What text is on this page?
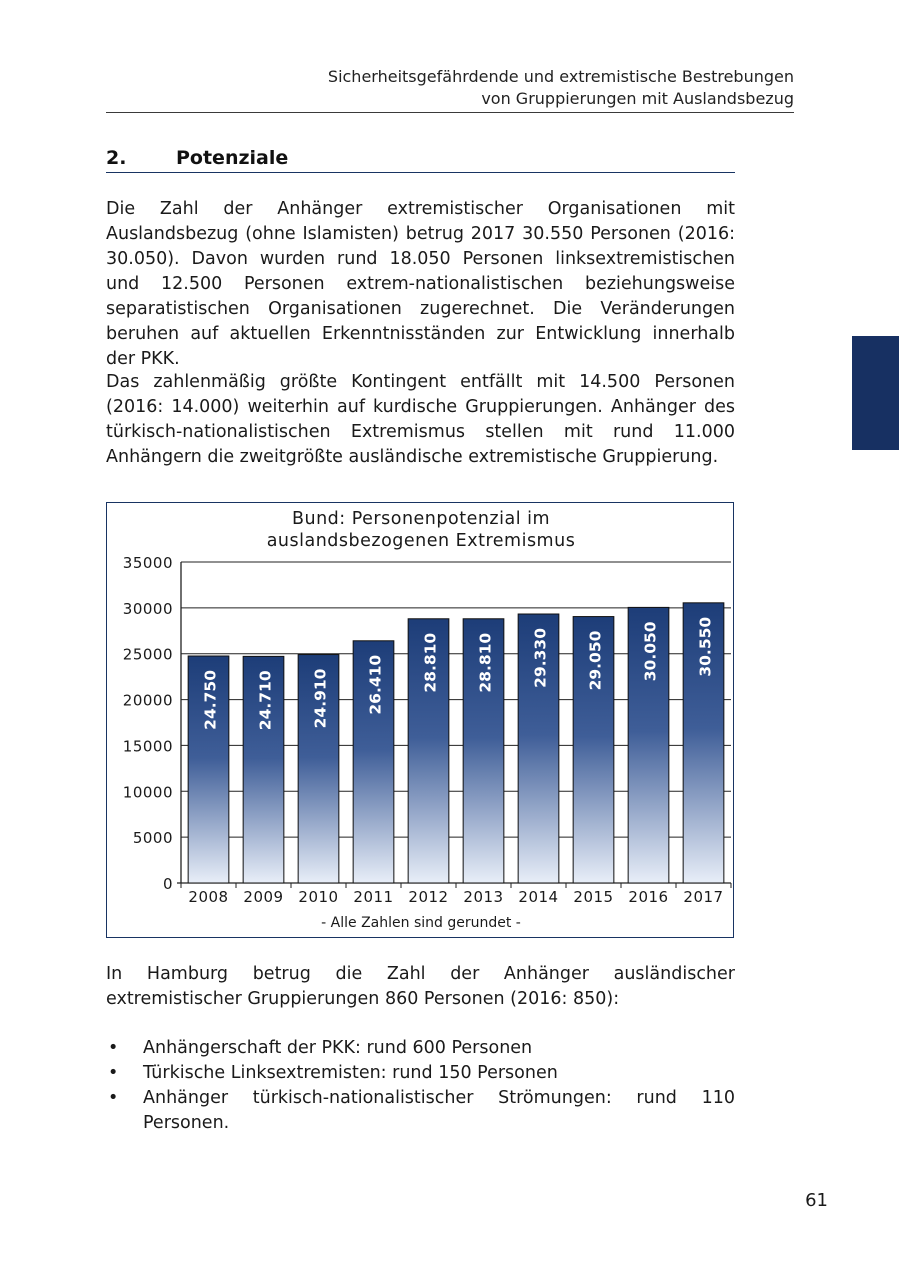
Sicherheitsgefährdende und extremistische Bestrebungen
von Gruppierungen mit Auslandsbezug
2.	Potenziale

Die Zahl der Anhänger extremistischer Organisationen mit Auslandsbezug (ohne Islamisten) betrug 2017 30.550 Personen (2016: 30.050). Davon wurden rund 18.050 Personen linksextremistischen und 12.500 Personen extrem-nationalistischen beziehungsweise separatistischen Organisationen zugerechnet. Die Veränderungen beruhen auf aktuellen Erkenntnisständen zur Entwicklung innerhalb der PKK.

Das zahlenmäßig größte Kontingent entfällt mit 14.500 Personen (2016: 14.000) weiterhin auf kurdische Gruppierungen. Anhänger des türkisch-nationalistischen Extremismus stellen mit rund 11.000 Anhängern die zweitgrößte ausländische extremistische Gruppierung.

Bund: Personenpotenzial im
auslandsbezogenen Extremismus
0
5000
10000
15000
20000
25000
30000
35000
24.750
2008
24.710
2009
24.910
2010
26.410
2011
28.810
2012
28.810
2013
29.330
2014
29.050
2015
30.050
2016
30.550
2017
- Alle Zahlen sind gerundet -

In Hamburg betrug die Zahl der Anhänger ausländischer extremistischer Gruppierungen 860 Personen (2016: 850):

• Anhängerschaft der PKK: rund 600 Personen
• Türkische Linksextremisten: rund 150 Personen
• Anhänger türkisch-nationalistischer Strömungen: rund 110 Personen.
61
